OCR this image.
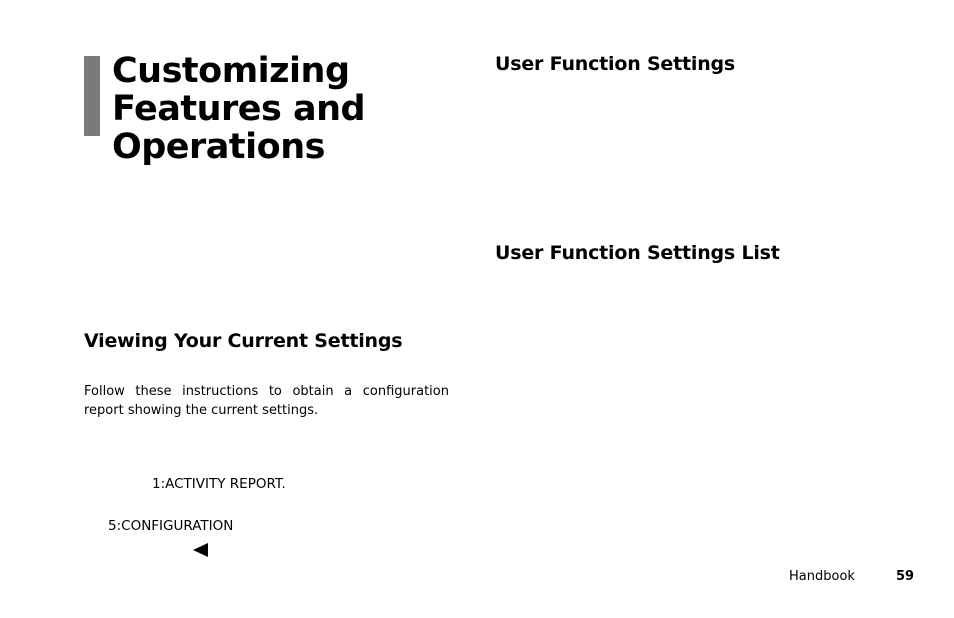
Customizing
Features and
Operations
User Function Settings
User Function Settings List
Viewing Your Current Settings

Follow these instructions to obtain a configuration report showing the current settings.

1:ACTIVITY REPORT.
5:CONFIGURATION
Handbook	59
